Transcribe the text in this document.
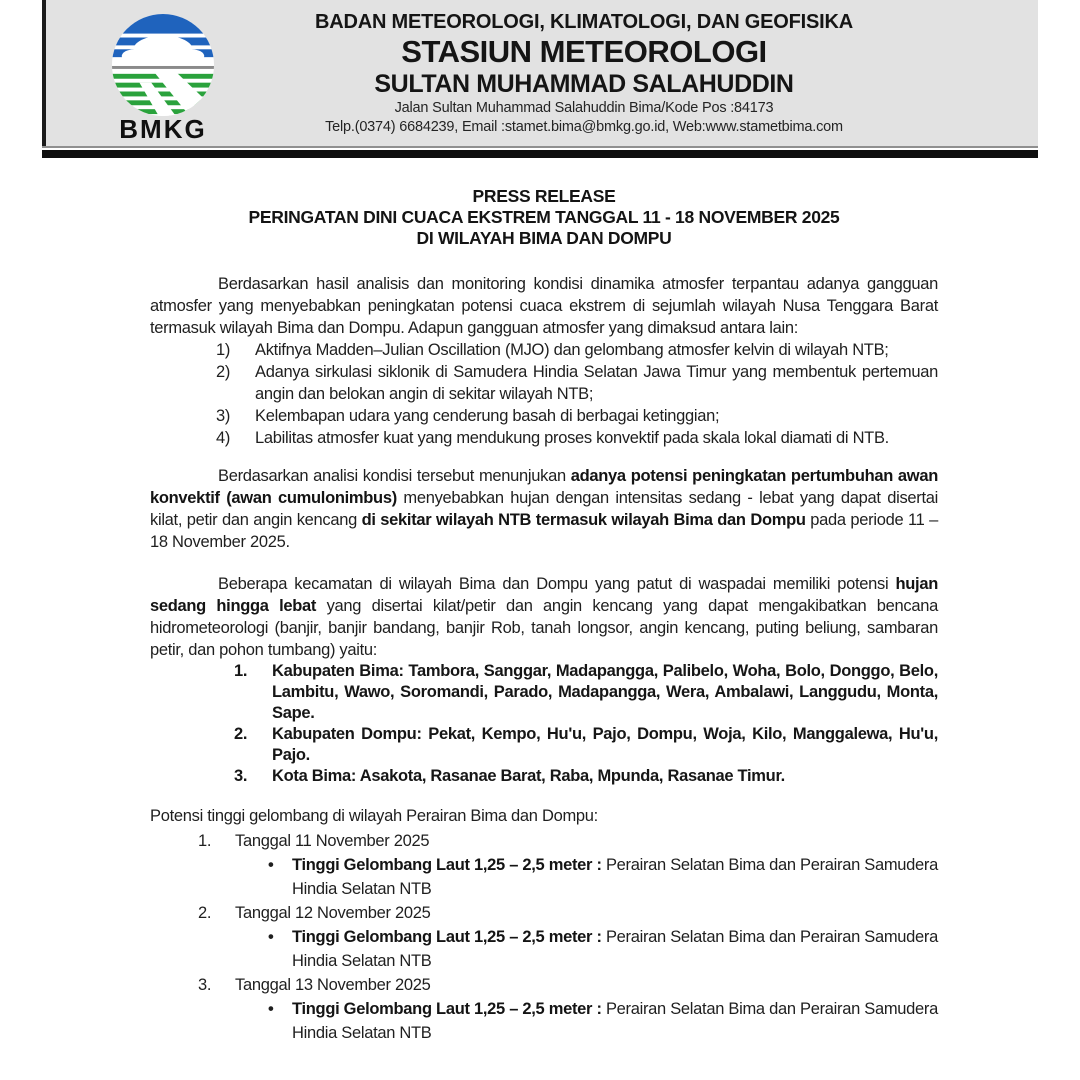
BMKG
BADAN METEOROLOGI, KLIMATOLOGI, DAN GEOFISIKA
STASIUN METEOROLOGI
SULTAN MUHAMMAD SALAHUDDIN
Jalan Sultan Muhammad Salahuddin Bima/Kode Pos :84173
Telp.(0374) 6684239, Email :stamet.bima@bmkg.go.id, Web:www.stametbima.com
PRESS RELEASE
PERINGATAN DINI CUACA EKSTREM TANGGAL 11 - 18 NOVEMBER 2025
DI WILAYAH BIMA DAN DOMPU

Berdasarkan hasil analisis dan monitoring kondisi dinamika atmosfer terpantau adanya gangguan atmosfer yang menyebabkan peningkatan potensi cuaca ekstrem di sejumlah wilayah Nusa Tenggara Barat termasuk wilayah Bima dan Dompu. Adapun gangguan atmosfer yang dimaksud antara lain:

1) Aktifnya Madden–Julian Oscillation (MJO) dan gelombang atmosfer kelvin di wilayah NTB;
2) Adanya sirkulasi siklonik di Samudera Hindia Selatan Jawa Timur yang membentuk pertemuan angin dan belokan angin di sekitar wilayah NTB;
3) Kelembapan udara yang cenderung basah di berbagai ketinggian;
4) Labilitas atmosfer kuat yang mendukung proses konvektif pada skala lokal diamati di NTB.

Berdasarkan analisi kondisi tersebut menunjukan adanya potensi peningkatan pertumbuhan awan konvektif (awan cumulonimbus) menyebabkan hujan dengan intensitas sedang - lebat yang dapat disertai kilat, petir dan angin kencang di sekitar wilayah NTB termasuk wilayah Bima dan Dompu pada periode 11 – 18 November 2025.

Beberapa kecamatan di wilayah Bima dan Dompu yang patut di waspadai memiliki potensi hujan sedang hingga lebat yang disertai kilat/petir dan angin kencang yang dapat mengakibatkan bencana hidrometeorologi (banjir, banjir bandang, banjir Rob, tanah longsor, angin kencang, puting beliung, sambaran petir, dan pohon tumbang) yaitu:

1. Kabupaten Bima: Tambora, Sanggar, Madapangga, Palibelo, Woha, Bolo, Donggo, Belo, Lambitu, Wawo, Soromandi, Parado, Madapangga, Wera, Ambalawi, Langgudu, Monta, Sape.
2. Kabupaten Dompu: Pekat, Kempo, Hu'u, Pajo, Dompu, Woja, Kilo, Manggalewa, Hu'u, Pajo.
3. Kota Bima: Asakota, Rasanae Barat, Raba, Mpunda, Rasanae Timur.

Potensi tinggi gelombang di wilayah Perairan Bima dan Dompu:

1. Tanggal 11 November 2025
• Tinggi Gelombang Laut 1,25 – 2,5 meter : Perairan Selatan Bima dan Perairan Samudera Hindia Selatan NTB
2. Tanggal 12 November 2025
• Tinggi Gelombang Laut 1,25 – 2,5 meter : Perairan Selatan Bima dan Perairan Samudera Hindia Selatan NTB
3. Tanggal 13 November 2025
• Tinggi Gelombang Laut 1,25 – 2,5 meter : Perairan Selatan Bima dan Perairan Samudera Hindia Selatan NTB
